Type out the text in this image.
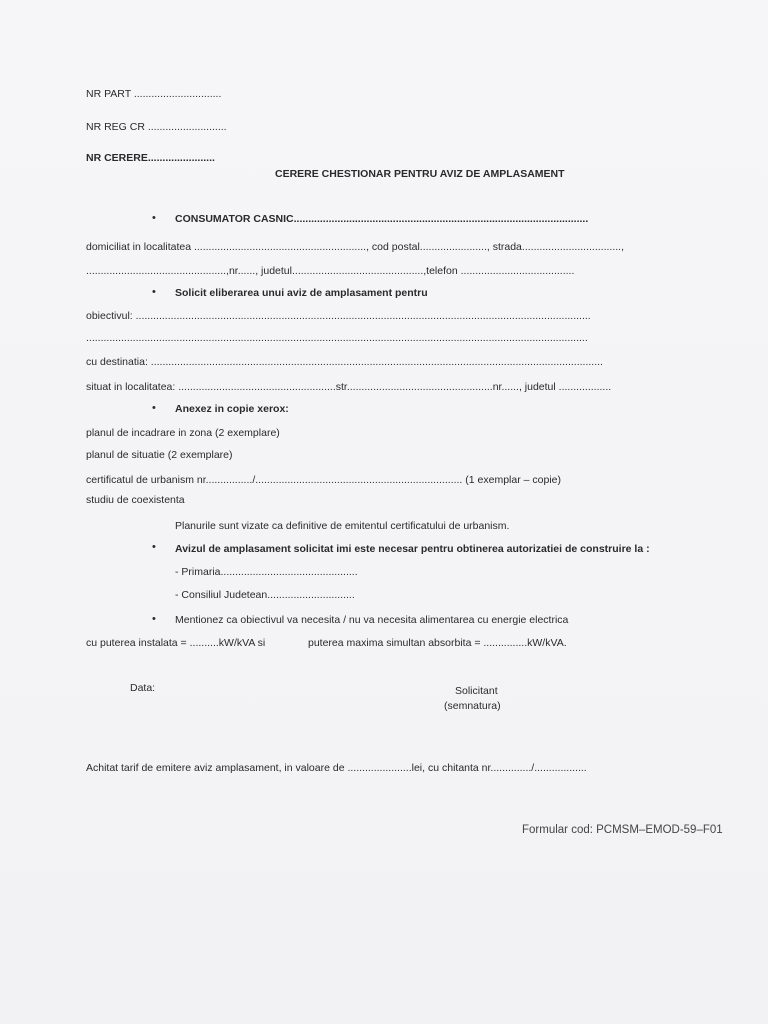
NR PART ..............................
NR REG CR ...........................
NR CERERE.......................
CERERE CHESTIONAR PENTRU AVIZ DE AMPLASAMENT
• CONSUMATOR CASNIC.....................................................................................................
domiciliat in localitatea ..........................................................., cod postal......................., strada..................................,
................................................,nr......, judetul.............................................,telefon .......................................
• Solicit eliberarea unui aviz de amplasament pentru
obiectivul: ............................................................................................................................................................
............................................................................................................................................................................
cu destinatia: ...........................................................................................................................................................
situat in localitatea: ......................................................str..................................................nr......, judetul ..................
• Anexez in copie xerox:
planul de incadrare in zona (2 exemplare)
planul de situatie (2 exemplare)
certificatul de urbanism nr................/....................................................................... (1 exemplar – copie)
studiu de coexistenta
Planurile sunt vizate ca definitive de emitentul certificatului de urbanism.
• Avizul de amplasament solicitat imi este necesar pentru obtinerea autorizatiei de construire la :
- Primaria...............................................
- Consiliul Judetean..............................
• Mentionez ca obiectivul va necesita / nu va necesita alimentarea cu energie electrica
cu puterea instalata = ..........kW/kVA si	puterea maxima simultan absorbita = ...............kW/kVA.
Data:	Solicitant
(semnatura)
Achitat tarif de emitere aviz amplasament, in valoare de ......................lei, cu chitanta nr............../..................
Formular cod: PCMSM–EMOD-59–F01
